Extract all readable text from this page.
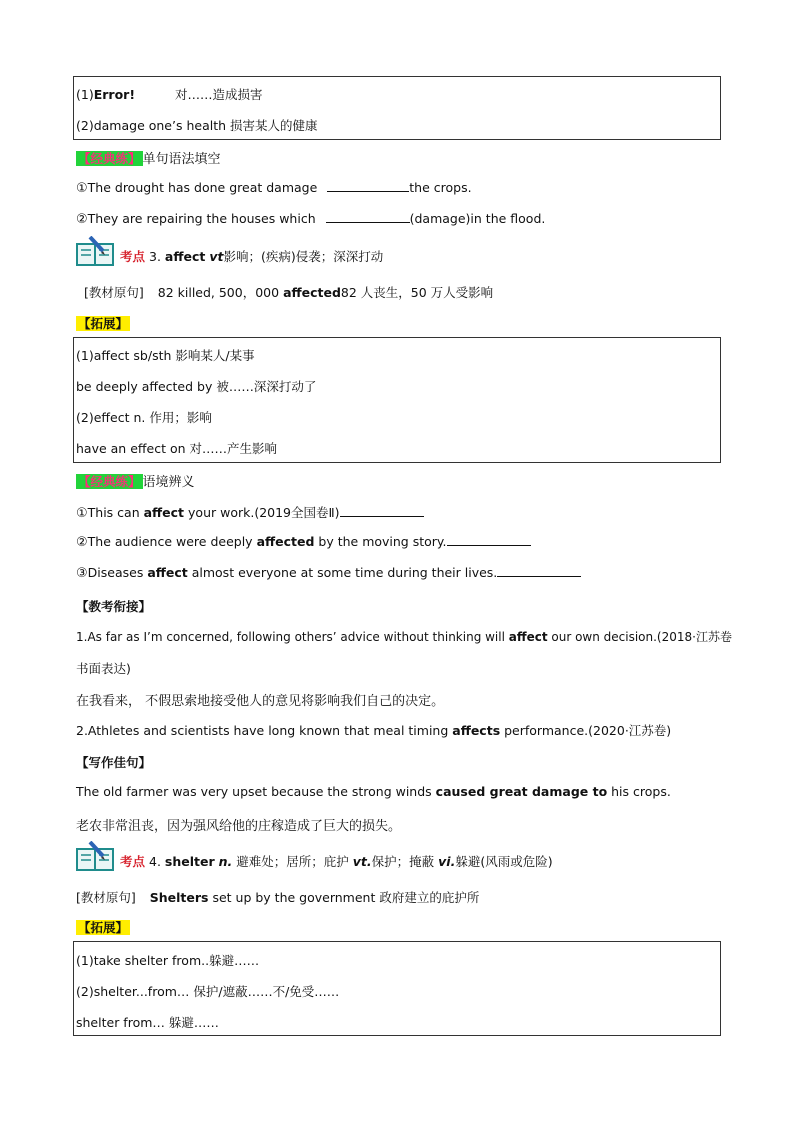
(1)Error!	对……造成损害
(2)damage one’s health 损害某人的健康
【经典练】 单句语法填空
①The drought has done great damage	the crops.
②They are repairing the houses which	(damage)in the flood.
考点 3. affect vt影响；(疾病)侵袭；深深打动
[教材原句] 82 killed, 500，000 affected82 人丧生，50 万人受影响
【拓展】
(1)affect sb/sth 影响某人/某事
be deeply affected by 被……深深打动了
(2)effect n. 作用；影响
have an effect on 对……产生影响
【经典练】 语境辨义
①This can affect your work.(2019全国卷Ⅱ)
②The audience were deeply affected by the moving story.
③Diseases affect almost everyone at some time during their lives.
【教考衔接】
1.As far as I’m concerned, following others’ advice without thinking will affect our own decision.(2018·江苏卷
书面表达)
在我看来， 不假思索地接受他人的意见将影响我们自己的决定。
2.Athletes and scientists have long known that meal timing affects performance.(2020·江苏卷)
【写作佳句】
The old farmer was very upset because the strong winds caused great damage to his crops.
老农非常沮丧，因为强风给他的庄稼造成了巨大的损失。
考点 4. shelter n. 避难处；居所；庇护 vt.保护；掩蔽 vi.躲避(风雨或危险)
[教材原句] Shelters set up by the government 政府建立的庇护所
【拓展】
(1)take shelter from..躲避……
(2)shelter...from… 保护/遮蔽……不/免受……
shelter from… 躲避……
